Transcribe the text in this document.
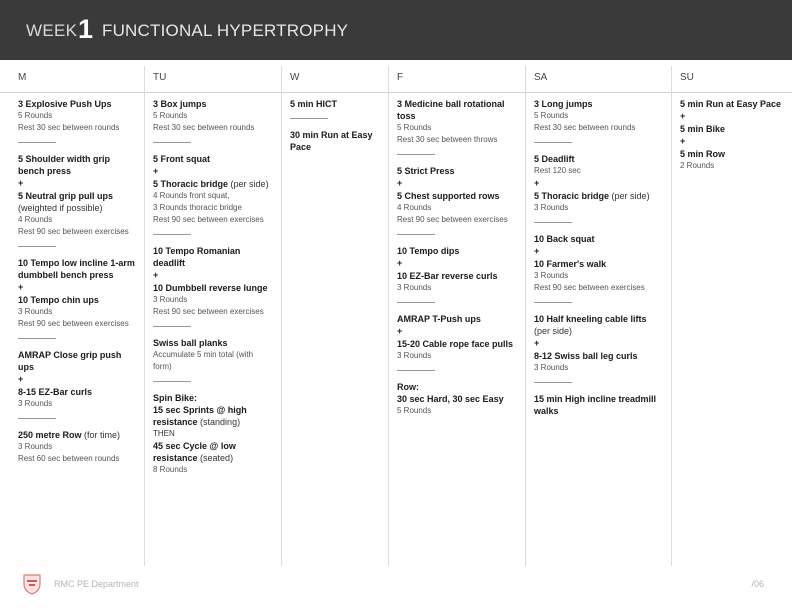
WEEK 1 FUNCTIONAL HYPERTROPHY
M
3 Explosive Push Ups
5 Rounds
Rest 30 sec between rounds
5 Shoulder width grip bench press
+
5 Neutral grip pull ups (weighted if possible)
4 Rounds
Rest 90 sec between exercises
10 Tempo low incline 1-arm dumbbell bench press
+
10 Tempo chin ups
3 Rounds
Rest 90 sec between exercises
AMRAP Close grip push ups
+
8-15 EZ-Bar curls
3 Rounds
250 metre Row (for time)
3 Rounds
Rest 60 sec between rounds
TU
3 Box jumps
5 Rounds
Rest 30 sec between rounds
5 Front squat
+
5 Thoracic bridge (per side)
4 Rounds front squat,
3 Rounds thoracic bridge
Rest 90 sec between exercises
10 Tempo Romanian deadlift
+
10 Dumbbell reverse lunge
3 Rounds
Rest 90 sec between exercises
Swiss ball planks
Accumulate 5 min total (with form)
Spin Bike:
15 sec Sprints @ high resistance (standing)
THEN
45 sec Cycle @ low resistance (seated)
8 Rounds
W
5 min HICT
30 min Run at Easy Pace
F
3 Medicine ball rotational toss
5 Rounds
Rest 30 sec between throws
5 Strict Press
+
5 Chest supported rows
4 Rounds
Rest 90 sec between exercises
10 Tempo dips
+
10 EZ-Bar reverse curls
3 Rounds
AMRAP T-Push ups
+
15-20 Cable rope face pulls
3 Rounds
Row:
30 sec Hard, 30 sec Easy
5 Rounds
SA
3 Long jumps
5 Rounds
Rest 30 sec between rounds
5 Deadlift
Rest 120 sec
+
5 Thoracic bridge (per side)
3 Rounds
10 Back squat
+
10 Farmer's walk
3 Rounds
Rest 90 sec between exercises
10 Half kneeling cable lifts
(per side)
+
8-12 Swiss ball leg curls
3 Rounds
15 min High incline treadmill walks
SU
5 min Run at Easy Pace
+
5 min Bike
+
5 min Row
2 Rounds
RMC PE Department	/06
